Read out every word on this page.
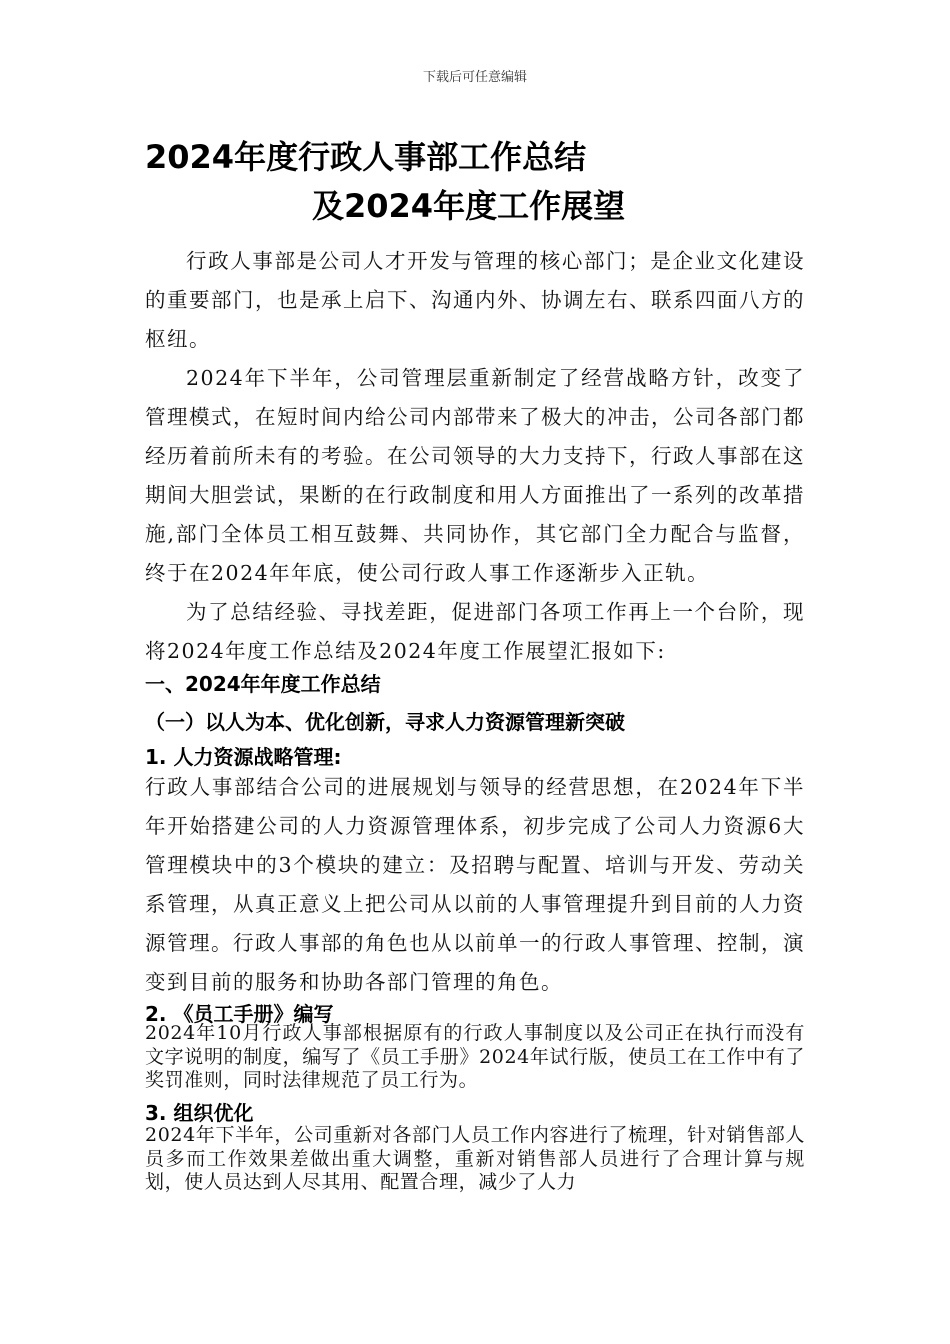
下载后可任意编辑
2024年度行政人事部工作总结
及2024年度工作展望

行政人事部是公司人才开发与管理的核心部门；是企业文化建设的重要部门，也是承上启下、沟通内外、协调左右、联系四面八方的枢纽。

2024年下半年，公司管理层重新制定了经营战略方针，改变了管理模式，在短时间内给公司内部带来了极大的冲击，公司各部门都经历着前所未有的考验。在公司领导的大力支持下，行政人事部在这期间大胆尝试，果断的在行政制度和用人方面推出了一系列的改革措施,部门全体员工相互鼓舞、共同协作，其它部门全力配合与监督，终于在2024年年底，使公司行政人事工作逐渐步入正轨。

为了总结经验、寻找差距，促进部门各项工作再上一个台阶，现将2024年度工作总结及2024年度工作展望汇报如下:

一、2024年年度工作总结
（一）以人为本、优化创新，寻求人力资源管理新突破
1. 人力资源战略管理:

行政人事部结合公司的进展规划与领导的经营思想，在2024年下半年开始搭建公司的人力资源管理体系，初步完成了公司人力资源6大管理模块中的3个模块的建立：及招聘与配置、培训与开发、劳动关系管理，从真正意义上把公司从以前的人事管理提升到目前的人力资源管理。行政人事部的角色也从以前单一的行政人事管理、控制，演变到目前的服务和协助各部门管理的角色。

2. 《员工手册》编写

2024年10月行政人事部根据原有的行政人事制度以及公司正在执行而没有文字说明的制度，编写了《员工手册》2024年试行版，使员工在工作中有了奖罚准则，同时法律规范了员工行为。

3. 组织优化

2024年下半年，公司重新对各部门人员工作内容进行了梳理，针对销售部人员多而工作效果差做出重大调整，重新对销售部人员进行了合理计算与规划，使人员达到人尽其用、配置合理，减少了人力
